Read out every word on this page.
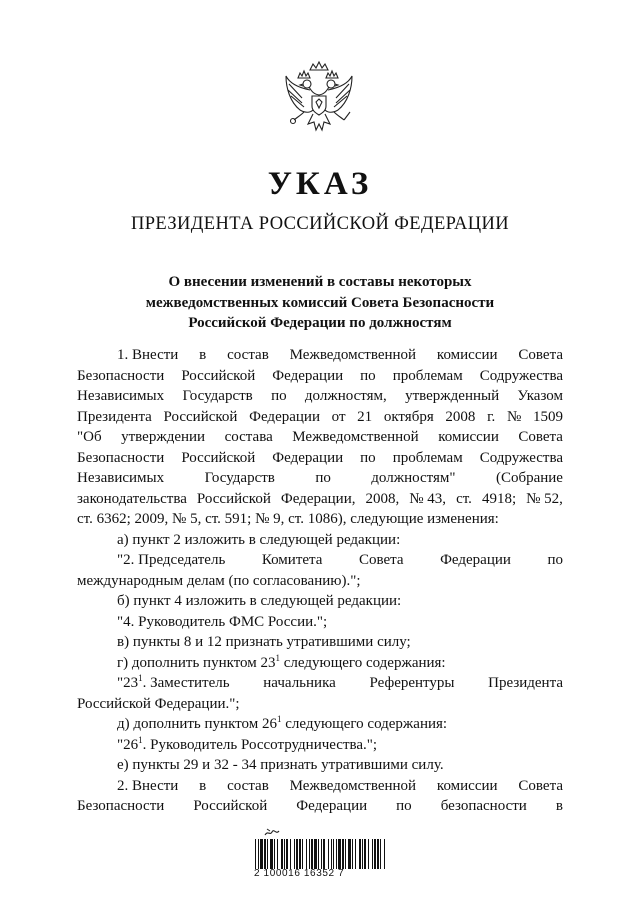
УКАЗ
ПРЕЗИДЕНТА РОССИЙСКОЙ ФЕДЕРАЦИИ
О внесении изменений в составы некоторых
межведомственных комиссий Совета Безопасности
Российской Федерации по должностям
1. Внести в состав Межведомственной комиссии Совета
Безопасности Российской Федерации по проблемам Содружества
Независимых Государств по должностям, утвержденный Указом
Президента Российской Федерации от 21 октября 2008 г. № 1509
"Об утверждении состава Межведомственной комиссии Совета
Безопасности Российской Федерации по проблемам Содружества
Независимых	Государств	по	должностям"	(Собрание
законодательства Российской Федерации, 2008, № 43, ст. 4918; № 52,
ст. 6362; 2009, № 5, ст. 591; № 9, ст. 1086), следующие изменения:
а) пункт 2 изложить в следующей редакции:
"2. Председатель Комитета Совета Федерации по
международным делам (по согласованию).";
б) пункт 4 изложить в следующей редакции:
"4. Руководитель ФМС России.";
в) пункты 8 и 12 признать утратившими силу;
г) дополнить пунктом $23^1$ следующего содержания:
"$23^1$. Заместитель начальника Референтуры Президента
Российской Федерации.";
д) дополнить пунктом $26^1$ следующего содержания:
"$26^1$. Руководитель Россотрудничества.";
е) пункты 29 и 32 - 34 признать утратившими силу.
2. Внести в состав Межведомственной комиссии Совета
Безопасности Российской Федерации по безопасности в
2 100016 16352 7
